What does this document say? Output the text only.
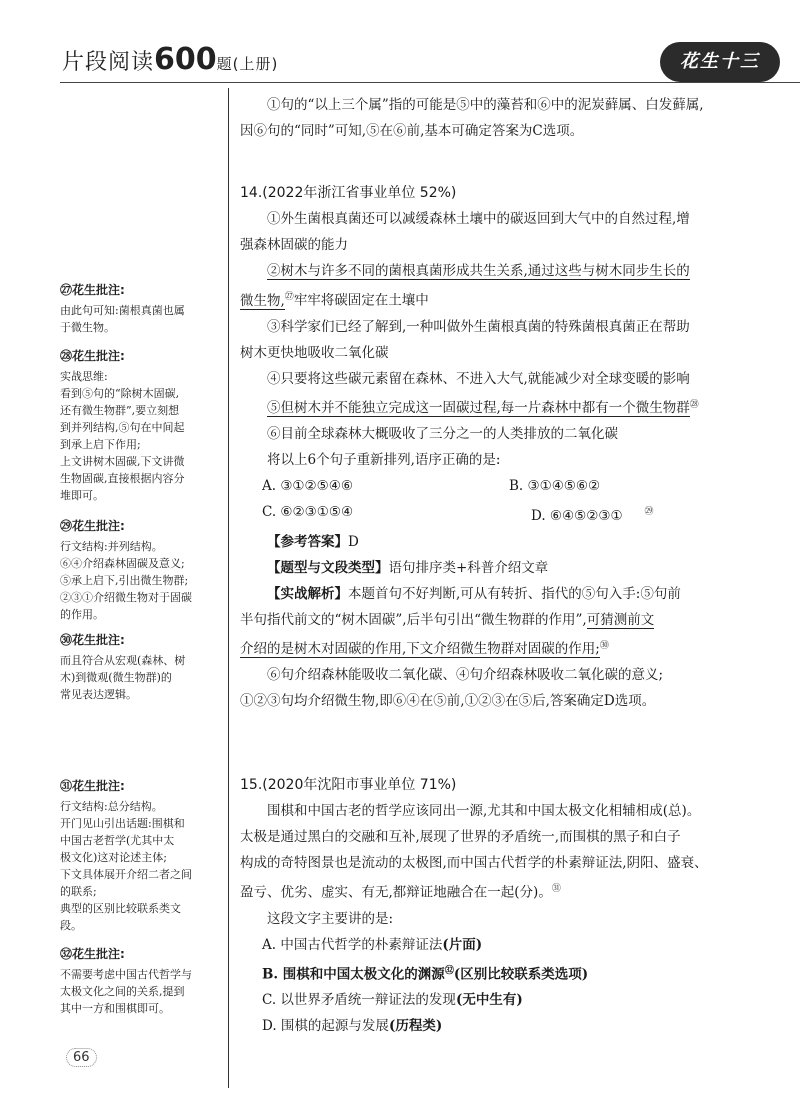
片段阅读600题(上册)	花生十三
㉗花生批注:
由此句可知:菌根真菌也属
于微生物。
㉘花生批注:
实战思维:
看到⑤句的“除树木固碳,
还有微生物群”,要立刻想
到并列结构,⑤句在中间起
到承上启下作用;
上文讲树木固碳,下文讲微
生物固碳,直接根据内容分
堆即可。
㉙花生批注:
行文结构:并列结构。
⑥④介绍森林固碳及意义;
⑤承上启下,引出微生物群;
②③①介绍微生物对于固碳
的作用。
㉚花生批注:
而且符合从宏观(森林、树
木)到微观(微生物群)的
常见表达逻辑。
㉛花生批注:
行文结构:总分结构。
开门见山引出话题:围棋和
中国古老哲学(尤其中太
极文化)这对论述主体;
下文具体展开介绍二者之间
的联系;
典型的区别比较联系类文
段。
㉜花生批注:
不需要考虑中国古代哲学与
太极文化之间的关系,提到
其中一方和围棋即可。

①句的“以上三个属”指的可能是⑤中的藻苔和⑥中的泥炭藓属、白发藓属,

因⑥句的“同时”可知,⑤在⑥前,基本可确定答案为C选项。

14.(2022年浙江省事业单位 52%)

①外生菌根真菌还可以减缓森林土壤中的碳返回到大气中的自然过程,增

强森林固碳的能力

②树木与许多不同的菌根真菌形成共生关系,通过这些与树木同步生长的

微生物,$^㉗$牢牢将碳固定在土壤中

③科学家们已经了解到,一种叫做外生菌根真菌的特殊菌根真菌正在帮助

树木更快地吸收二氧化碳

④只要将这些碳元素留在森林、不进入大气,就能减少对全球变暖的影响

⑤但树木并不能独立完成这一固碳过程,每一片森林中都有一个微生物群$^㉘$

⑥目前全球森林大概吸收了三分之一的人类排放的二氧化碳

将以上6个句子重新排列,语序正确的是:

A. ③①②⑤④⑥	B. ③①④⑤⑥②
C. ⑥②③①⑤④	D. ⑥④⑤②③① $^㉙$

【参考答案】D

【题型与文段类型】语句排序类+科普介绍文章

【实战解析】本题首句不好判断,可从有转折、指代的⑤句入手:⑤句前

半句指代前文的“树木固碳”,后半句引出“微生物群的作用”,可猜测前文

介绍的是树木对固碳的作用,下文介绍微生物群对固碳的作用;$^㉚$

⑥句介绍森林能吸收二氧化碳、④句介绍森林吸收二氧化碳的意义;

①②③句均介绍微生物,即⑥④在⑤前,①②③在⑤后,答案确定D选项。

15.(2020年沈阳市事业单位 71%)

围棋和中国古老的哲学应该同出一源,尤其和中国太极文化相辅相成(总)。

太极是通过黑白的交融和互补,展现了世界的矛盾统一,而围棋的黑子和白子

构成的奇特图景也是流动的太极图,而中国古代哲学的朴素辩证法,阴阳、盛衰、

盈亏、优劣、虚实、有无,都辩证地融合在一起(分)。$^㉛$

这段文字主要讲的是:

A. 中国古代哲学的朴素辩证法(片面)

B. 围棋和中国太极文化的渊源$^㉜$(区别比较联系类选项)

C. 以世界矛盾统一辩证法的发现(无中生有)

D. 围棋的起源与发展(历程类)

66
